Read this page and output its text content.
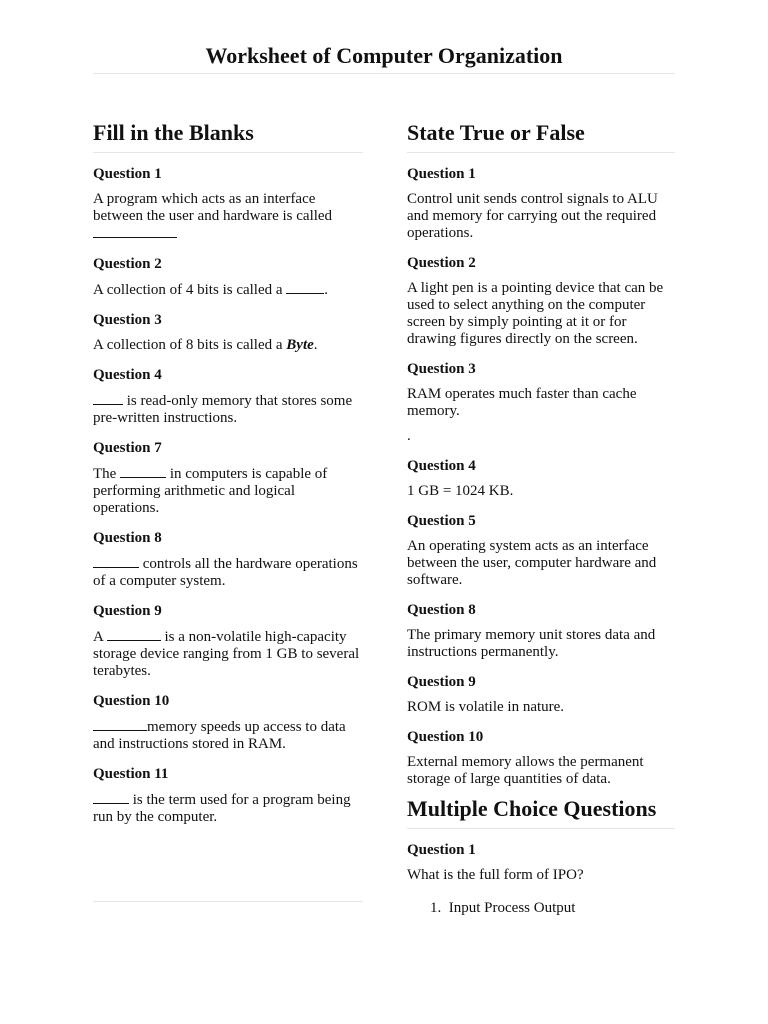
Worksheet of Computer Organization
Fill in the Blanks
Question 1

A program which acts as an interface between the user and hardware is called

Question 2

A collection of 4 bits is called a	.

Question 3

A collection of 8 bits is called a Byte.

Question 4

is read-only memory that stores some pre-written instructions.

Question 7

The	in computers is capable of performing arithmetic and logical operations.

Question 8

controls all the hardware operations of a computer system.

Question 9

A	is a non-volatile high-capacity storage device ranging from 1 GB to several terabytes.

Question 10

memory speeds up access to data and instructions stored in RAM.

Question 11

is the term used for a program being run by the computer.

State True or False
Question 1

Control unit sends control signals to ALU and memory for carrying out the required operations.

Question 2

A light pen is a pointing device that can be used to select anything on the computer screen by simply pointing at it or for drawing figures directly on the screen.

Question 3

RAM operates much faster than cache memory.

.

Question 4

1 GB = 1024 KB.

Question 5

An operating system acts as an interface between the user, computer hardware and software.

Question 8

The primary memory unit stores data and instructions permanently.

Question 9

ROM is volatile in nature.

Question 10

External memory allows the permanent storage of large quantities of data.

Multiple Choice Questions
Question 1

What is the full form of IPO?

1. Input Process Output
